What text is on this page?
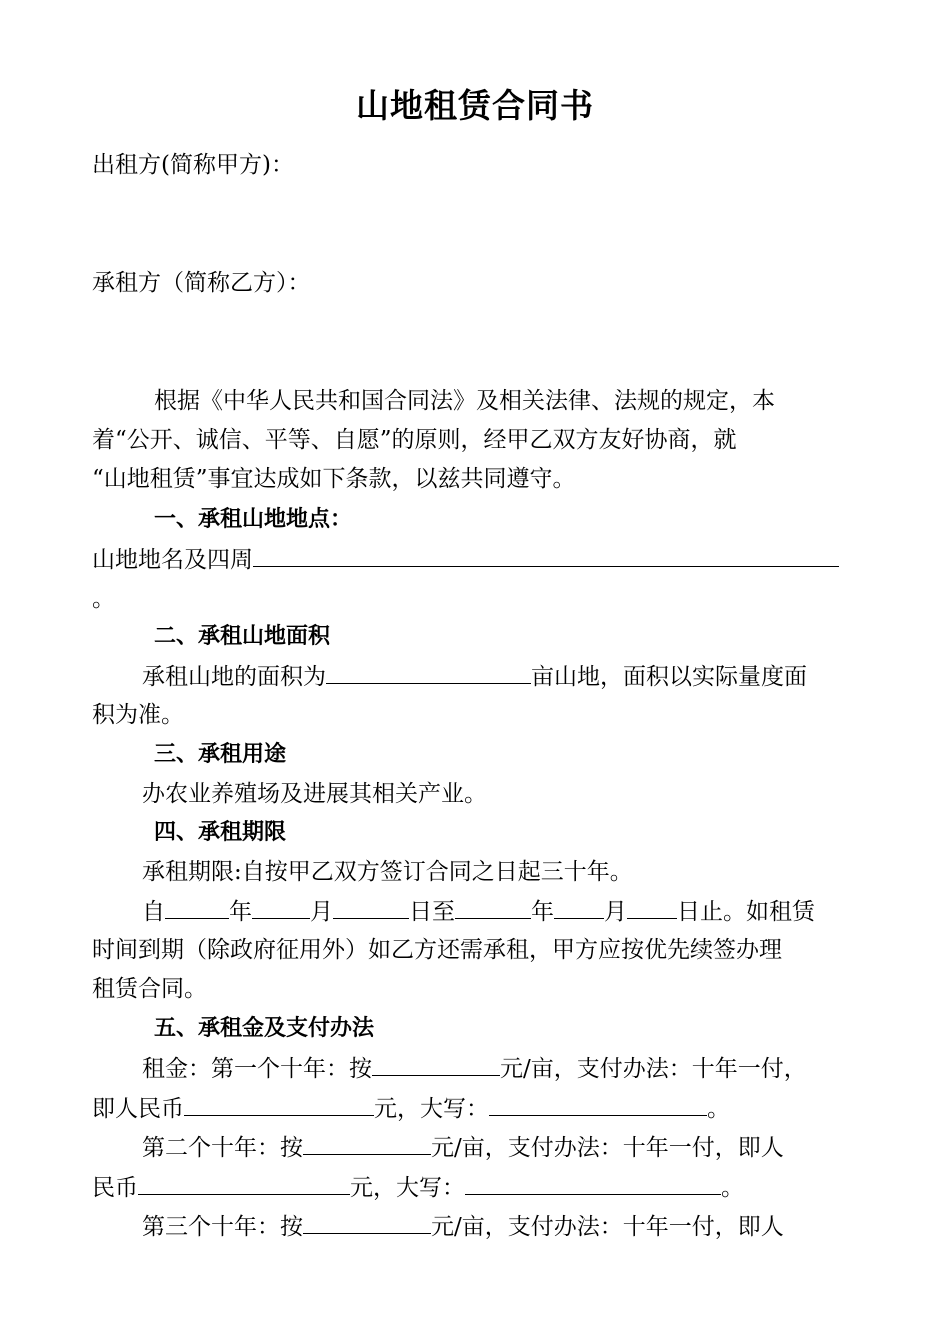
山地租赁合同书
出租方(简称甲方)：
承租方（简称乙方）：
根据《中华人民共和国合同法》及相关法律、法规的规定，本
着“公开、诚信、平等、自愿”的原则，经甲乙双方友好协商，就
“山地租赁”事宜达成如下条款，以兹共同遵守。
一、承租山地地点：
山地地名及四周
。
二、承租山地面积
承租山地的面积为	亩山地，面积以实际量度面
积为准。
三、承租用途
办农业养殖场及进展其相关产业。
四、承租期限
承租期限:自按甲乙双方签订合同之日起三十年。
自	年	月	日至	年 月 日止。如租赁
时间到期（除政府征用外）如乙方还需承租，甲方应按优先续签办理
租赁合同。
五、承租金及支付办法
租金：第一个十年：按	元/亩，支付办法：十年一付，
即人民币	元，大写：	。
第二个十年：按	元/亩，支付办法：十年一付，即人
民币	元，大写：	。
第三个十年：按	元/亩，支付办法：十年一付，即人
